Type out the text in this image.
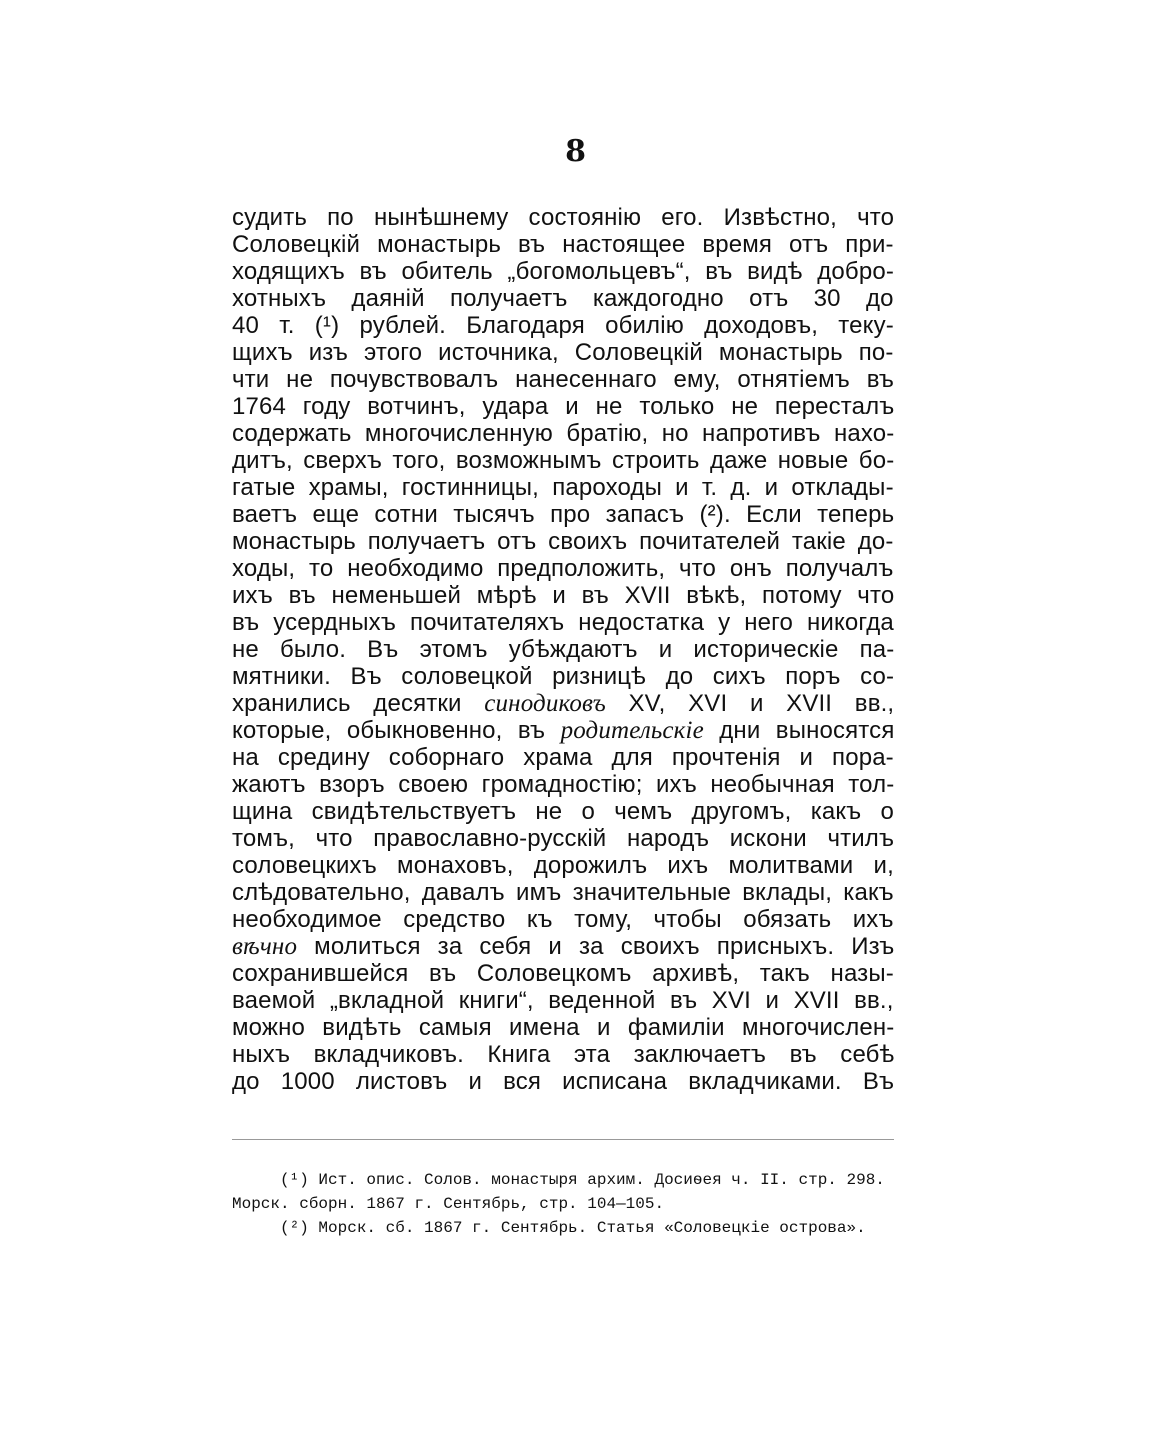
8
судить по нынѣшнему состоянію его. Извѣстно, что
Соловецкій монастырь въ настоящее время отъ при-
ходящихъ въ обитель „богомольцевъ“, въ видѣ добро-
хотныхъ даяній получаетъ каждогодно отъ 30 до
40 т. (¹) рублей. Благодаря обилію доходовъ, теку-
щихъ изъ этого источника, Соловецкій монастырь по-
чти не почувствовалъ нанесеннаго ему, отнятіемъ въ
1764 году вотчинъ, удара и не только не пересталъ
содержать многочисленную братію, но напротивъ нахо-
дитъ, сверхъ того, возможнымъ строить даже новые бо-
гатые храмы, гостинницы, пароходы и т. д. и отклады-
ваетъ еще сотни тысячъ про запасъ (²). Если теперь
монастырь получаетъ отъ своихъ почитателей такіе до-
ходы, то необходимо предположить, что онъ получалъ
ихъ въ неменьшей мѣрѣ и въ XVII вѣкѣ, потому что
въ усердныхъ почитателяхъ недостатка у него никогда
не было. Въ этомъ убѣждаютъ и историческіе па-
мятники. Въ соловецкой ризницѣ до сихъ поръ со-
хранились десятки синодиковъ XV, XVI и XVII вв.,
которые, обыкновенно, въ родительскіе дни выносятся
на средину соборнаго храма для прочтенія и пора-
жаютъ взоръ своею громадностію; ихъ необычная тол-
щина свидѣтельствуетъ не о чемъ другомъ, какъ о
томъ, что православно-русскій народъ искони чтилъ
соловецкихъ монаховъ, дорожилъ ихъ молитвами и,
слѣдовательно, давалъ имъ значительные вклады, какъ
необходимое средство къ тому, чтобы обязать ихъ
вѣчно молиться за себя и за своихъ присныхъ. Изъ
сохранившейся въ Соловецкомъ архивѣ, такъ назы-
ваемой „вкладной книги“, веденной въ XVI и XVII вв.,
можно видѣть самыя имена и фамиліи многочислен-
ныхъ вкладчиковъ. Книга эта заключаетъ въ себѣ
до 1000 листовъ и вся исписана вкладчиками. Въ
(¹) Ист. опис. Солов. монастыря архим. Досиѳея ч. II. стр. 298.
Морск. сборн. 1867 г. Сентябрь, стр. 104—105.
(²) Морск. сб. 1867 г. Сентябрь. Статья «Соловецкіе острова».
